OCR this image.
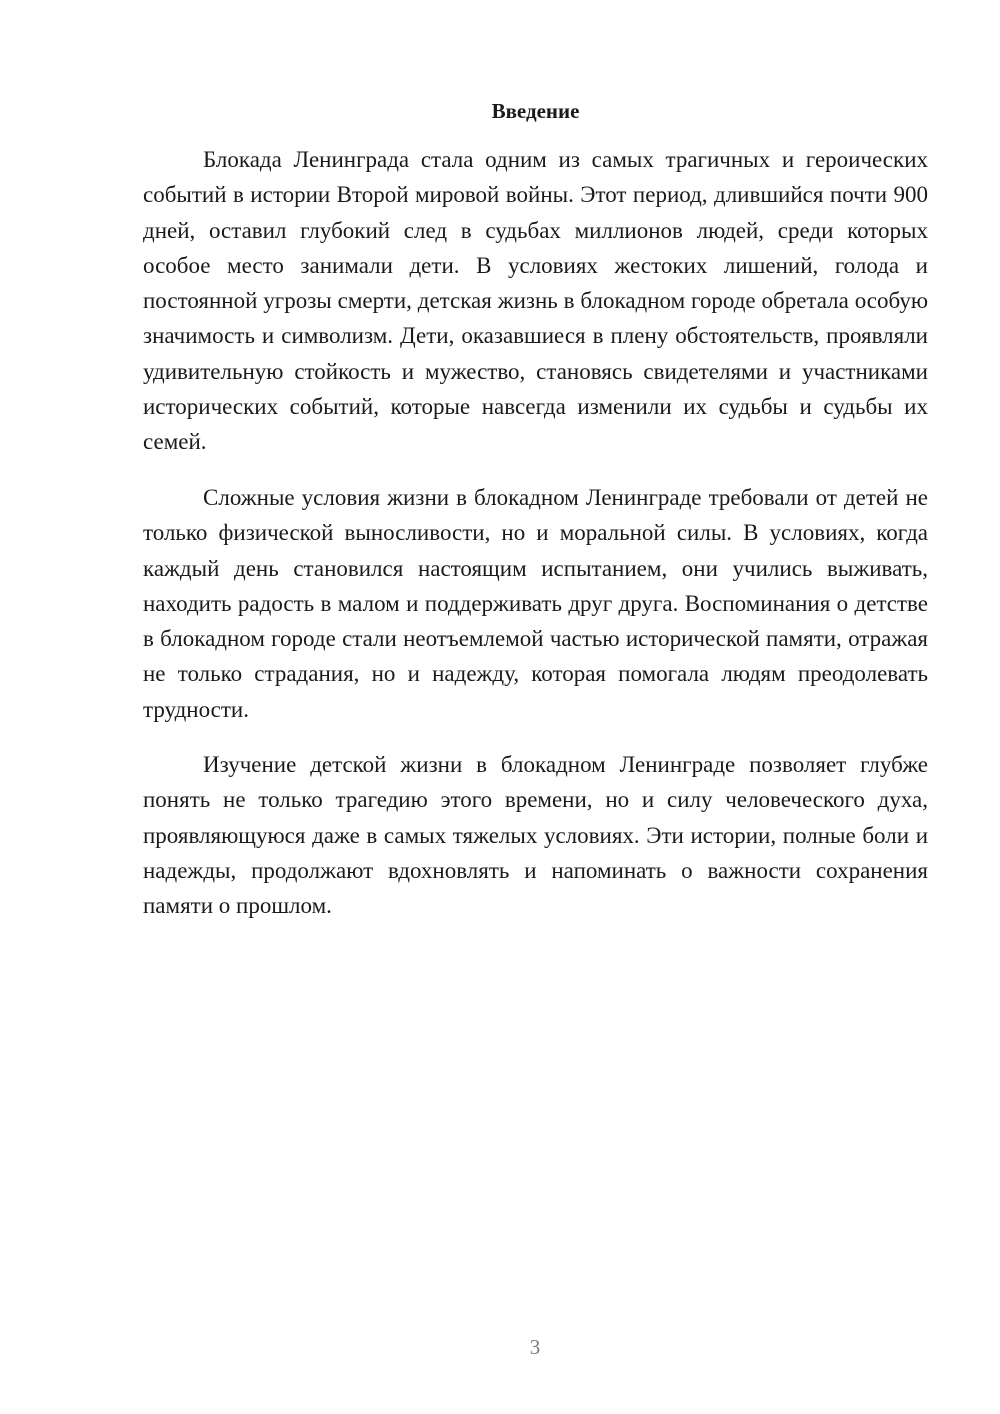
Введение

Блокада Ленинграда стала одним из самых трагичных и героических событий в истории Второй мировой войны. Этот период, длившийся почти 900 дней, оставил глубокий след в судьбах миллионов людей, среди которых особое место занимали дети. В условиях жестоких лишений, голода и постоянной угрозы смерти, детская жизнь в блокадном городе обретала особую значимость и символизм. Дети, оказавшиеся в плену обстоятельств, проявляли удивительную стойкость и мужество, становясь свидетелями и участниками исторических событий, которые навсегда изменили их судьбы и судьбы их семей.

Сложные условия жизни в блокадном Ленинграде требовали от детей не только физической выносливости, но и моральной силы. В условиях, когда каждый день становился настоящим испытанием, они учились выживать, находить радость в малом и поддерживать друг друга. Воспоминания о детстве в блокадном городе стали неотъемлемой частью исторической памяти, отражая не только страдания, но и надежду, которая помогала людям преодолевать трудности.

Изучение детской жизни в блокадном Ленинграде позволяет глубже понять не только трагедию этого времени, но и силу человеческого духа, проявляющуюся даже в самых тяжелых условиях. Эти истории, полные боли и надежды, продолжают вдохновлять и напоминать о важности сохранения памяти о прошлом.

3
